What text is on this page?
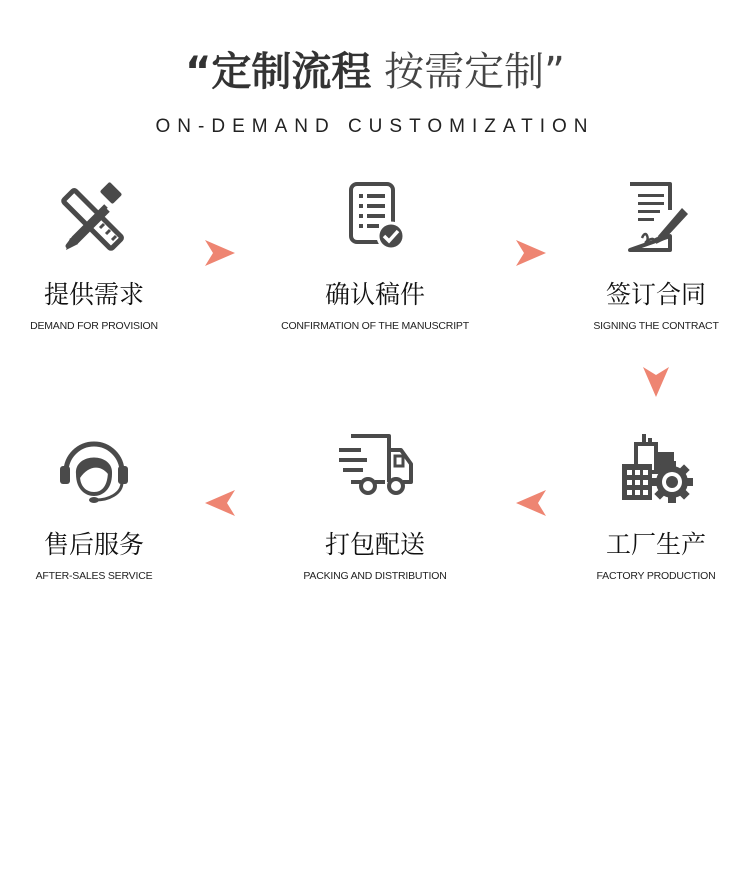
“定制流程 按需定制”
ON-DEMAND CUSTOMIZATION
提供需求
DEMAND FOR PROVISION
确认稿件
CONFIRMATION OF THE MANUSCRIPT
签订合同
SIGNING THE CONTRACT
售后服务
AFTER-SALES SERVICE
打包配送
PACKING AND DISTRIBUTION
工厂生产
FACTORY PRODUCTION
